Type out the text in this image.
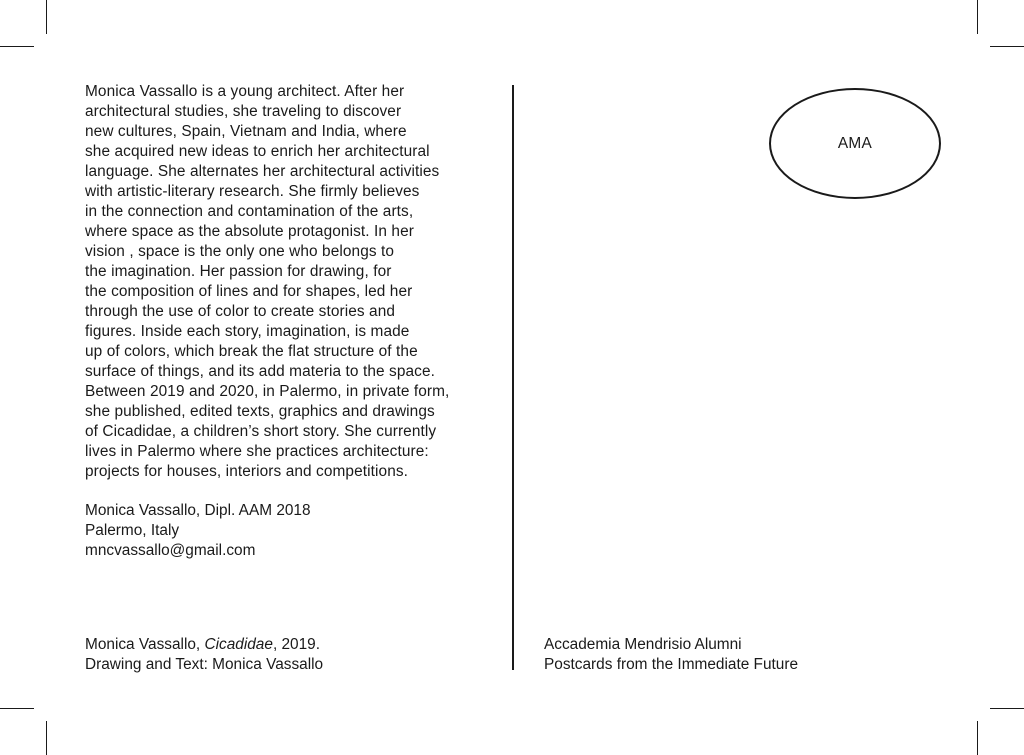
Monica Vassallo is a young architect. After her

architectural studies, she traveling to discover

new cultures, Spain, Vietnam and India, where

she acquired new ideas to enrich her architectural

language. She alternates her architectural activities

with artistic-literary research. She firmly believes

in the connection and contamination of the arts,

where space as the absolute protagonist. In her

vision , space is the only one who belongs to

the imagination. Her passion for drawing, for

the composition of lines and for shapes, led her

through the use of color to create stories and

figures. Inside each story, imagination, is made

up of colors, which break the flat structure of the

surface of things, and its add materia to the space.

Between 2019 and 2020, in Palermo, in private form,

she published, edited texts, graphics and drawings

of Cicadidae, a children’s short story. She currently

lives in Palermo where she practices architecture:

projects for houses, interiors and competitions.

Monica Vassallo, Dipl. AAM 2018
Palermo, Italy
mncvassallo@gmail.com
Monica Vassallo, Cicadidae, 2019.
Drawing and Text: Monica Vassallo
AMA
Accademia Mendrisio Alumni
Postcards from the Immediate Future
